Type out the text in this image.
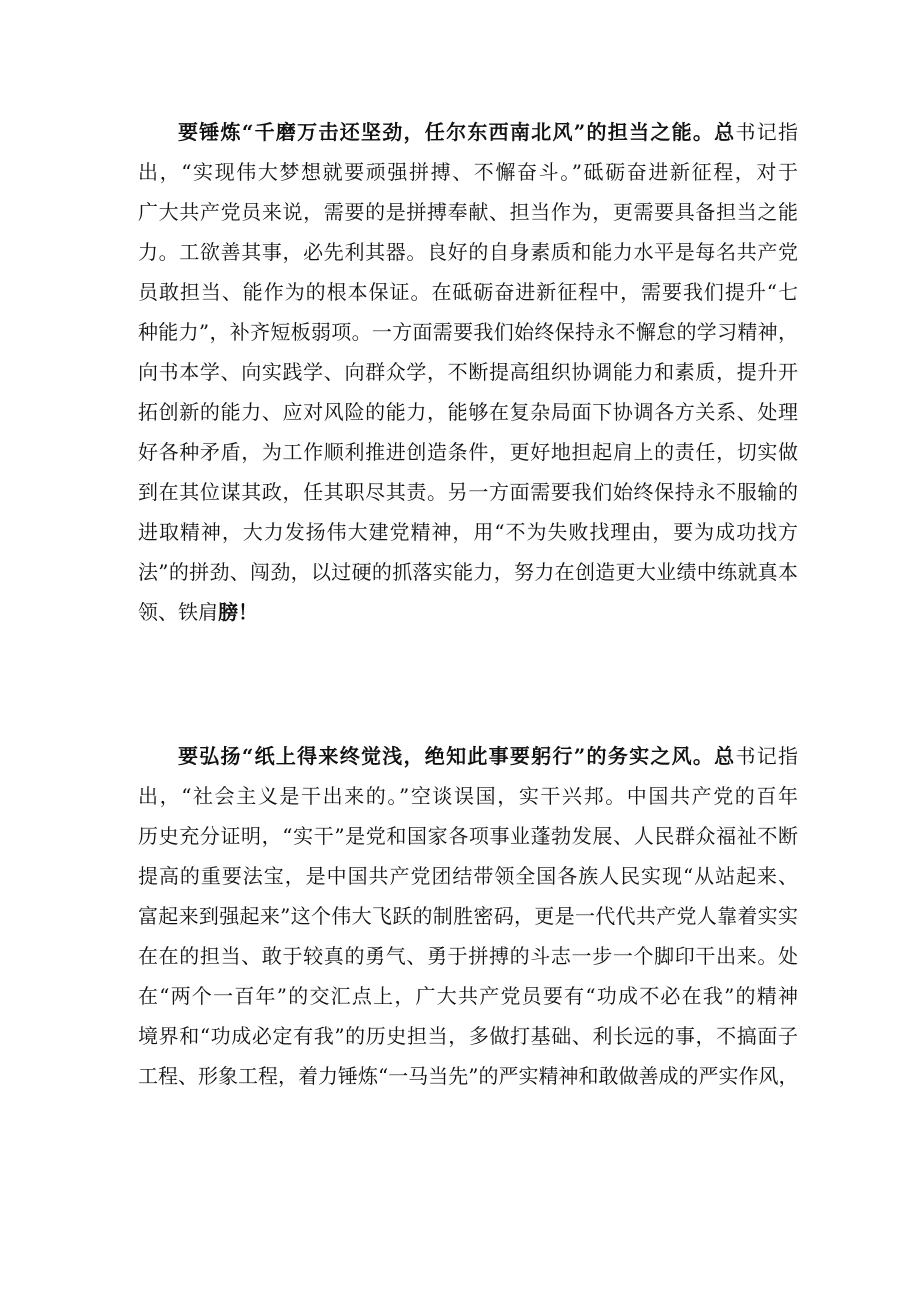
要锤炼“千磨万击还坚劲，任尔东西南北风”的担当之能。总书记指
出，“实现伟大梦想就要顽强拼搏、不懈奋斗。”砥砺奋进新征程，对于
广大共产党员来说，需要的是拼搏奉献、担当作为，更需要具备担当之能
力。工欲善其事，必先利其器。良好的自身素质和能力水平是每名共产党
员敢担当、能作为的根本保证。在砥砺奋进新征程中，需要我们提升“七
种能力”，补齐短板弱项。一方面需要我们始终保持永不懈怠的学习精神，
向书本学、向实践学、向群众学，不断提高组织协调能力和素质，提升开
拓创新的能力、应对风险的能力，能够在复杂局面下协调各方关系、处理
好各种矛盾，为工作顺利推进创造条件，更好地担起肩上的责任，切实做
到在其位谋其政，任其职尽其责。另一方面需要我们始终保持永不服输的
进取精神，大力发扬伟大建党精神，用“不为失败找理由，要为成功找方
法”的拼劲、闯劲，以过硬的抓落实能力，努力在创造更大业绩中练就真本
领、铁肩膀！
要弘扬“纸上得来终觉浅，绝知此事要躬行”的务实之风。总书记指
出，“社会主义是干出来的。”空谈误国，实干兴邦。中国共产党的百年
历史充分证明，“实干”是党和国家各项事业蓬勃发展、人民群众福祉不断
提高的重要法宝，是中国共产党团结带领全国各族人民实现“从站起来、
富起来到强起来”这个伟大飞跃的制胜密码，更是一代代共产党人靠着实实
在在的担当、敢于较真的勇气、勇于拼搏的斗志一步一个脚印干出来。处
在“两个一百年”的交汇点上，广大共产党员要有“功成不必在我”的精神
境界和“功成必定有我”的历史担当，多做打基础、利长远的事，不搞面子
工程、形象工程，着力锤炼“一马当先”的严实精神和敢做善成的严实作风，
